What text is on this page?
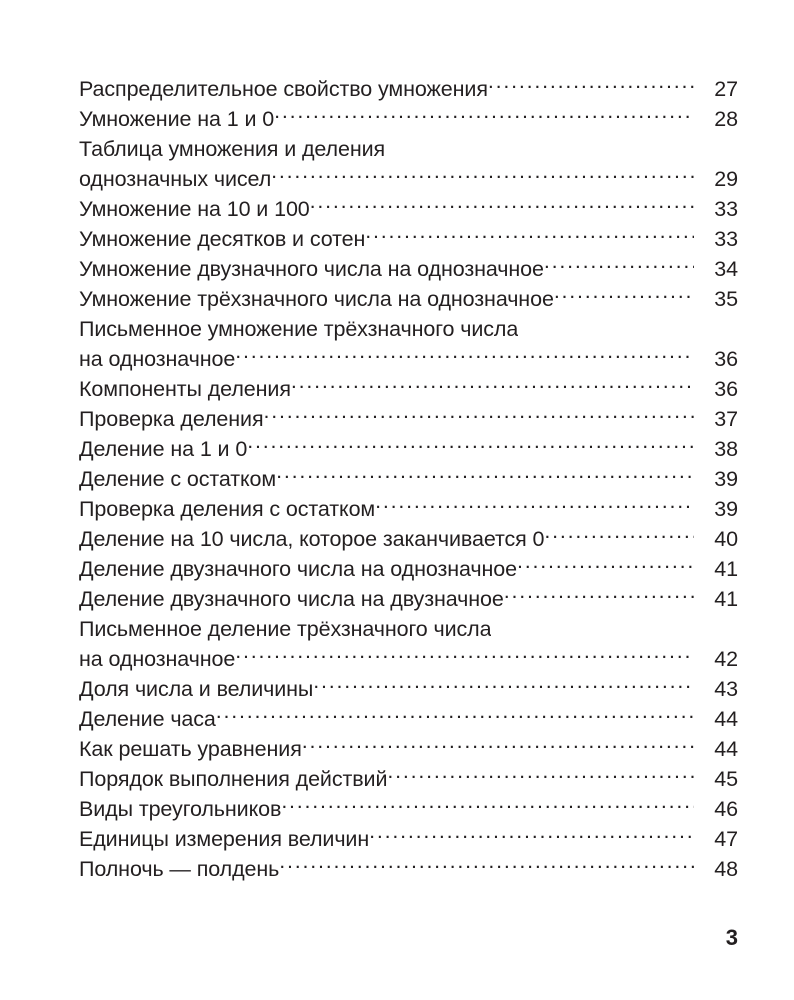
Распределительное свойство умножения . . .	27
Умножение на 1 и 0 . . .	28
Таблица умножения и деления
однозначных чисел . . .	29
Умножение на 10 и 100 . . .	33
Умножение десятков и сотен . . .	33
Умножение двузначного числа на однозначное . . .	34
Умножение трёхзначного числа на однозначное . . .	35
Письменное умножение трёхзначного числа
на однозначное . . .	36
Компоненты деления . . .	36
Проверка деления . . .	37
Деление на 1 и 0 . . .	38
Деление с остатком . . .	39
Проверка деления с остатком . . .	39
Деление на 10 числа, которое заканчивается 0 . . .	40
Деление двузначного числа на однозначное . . .	41
Деление двузначного числа на двузначное . . .	41
Письменное деление трёхзначного числа
на однозначное . . .	42
Доля числа и величины . . .	43
Деление часа . . .	44
Как решать уравнения . . .	44
Порядок выполнения действий . . .	45
Виды треугольников . . .	46
Единицы измерения величин . . .	47
Полночь — полдень . . .	48
3
